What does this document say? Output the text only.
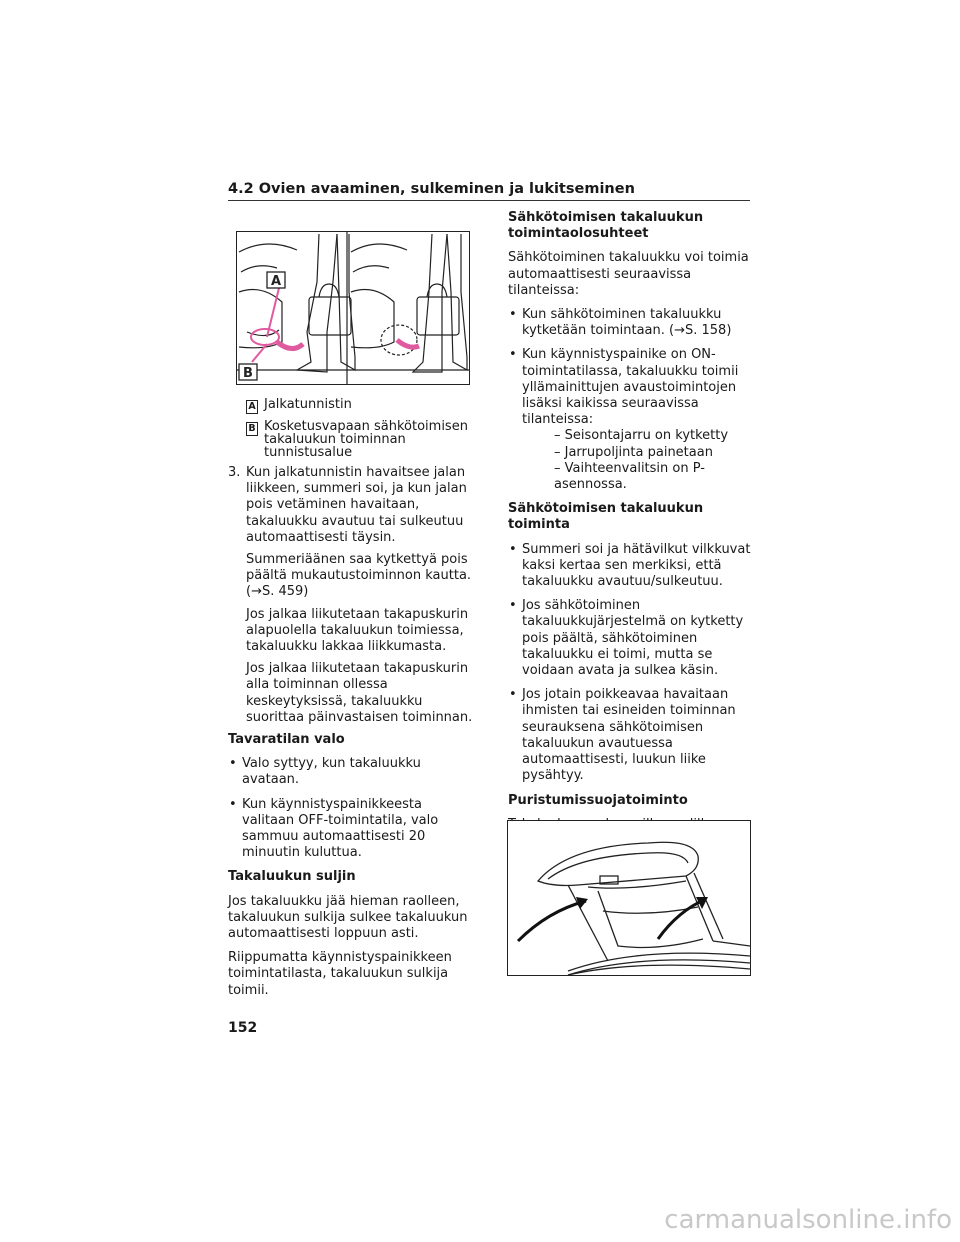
4.2 Ovien avaaminen, sulkeminen ja lukitseminen
A
B
A Jalkatunnistin
B Kosketusvapaan sähkötoimisen takaluukun toiminnan tunnistusalue
3. Kun jalkatunnistin havaitsee jalan liikkeen, summeri soi, ja kun jalan pois vetäminen havaitaan, takaluukku avautuu tai sulkeutuu automaattisesti täysin.

Summeriäänen saa kytkettyä pois päältä mukautustoiminnon kautta. (→S. 459)

Jos jalkaa liikutetaan takapuskurin alapuolella takaluukun toimiessa, takaluukku lakkaa liikkumasta.

Jos jalkaa liikutetaan takapuskurin alla toiminnan ollessa keskeytyksissä, takaluukku suorittaa päinvastaisen toiminnan.

Tavaratilan valo

• Valo syttyy, kun takaluukku avataan.

• Kun käynnistyspainikkeesta valitaan OFF-toimintatila, valo sammuu automaattisesti 20 minuutin kuluttua.

Takaluukun suljin

Jos takaluukku jää hieman raolleen, takaluukun sulkija sulkee takaluukun automaattisesti loppuun asti.

Riippumatta käynnistyspainikkeen toimintatilasta, takaluukun sulkija toimii.

Sähkötoimisen takaluukun toimintaolosuhteet

Sähkötoiminen takaluukku voi toimia automaattisesti seuraavissa tilanteissa:

• Kun sähkötoiminen takaluukku kytketään toimintaan. (→S. 158)

• Kun käynnistyspainike on ON-toimintatilassa, takaluukku toimii yllämainittujen avaustoimintojen lisäksi kaikissa seuraavissa tilanteissa:

– Seisontajarru on kytketty

– Jarrupoljinta painetaan

– Vaihteenvalitsin on P-asennossa.

Sähkötoimisen takaluukun toiminta

• Summeri soi ja hätävilkut vilkkuvat kaksi kertaa sen merkiksi, että takaluukku avautuu/sulkeutuu.

• Jos sähkötoiminen takaluukkujärjestelmä on kytketty pois päältä, sähkötoiminen takaluukku ei toimi, mutta se voidaan avata ja sulkea käsin.

• Jos jotain poikkeavaa havaitaan ihmisten tai esineiden toiminnan seurauksena sähkötoimisen takaluukun avautuessa automaattisesti, luukun liike pysähtyy.

Puristumissuojatoiminto

152
carmanualsonline.info
